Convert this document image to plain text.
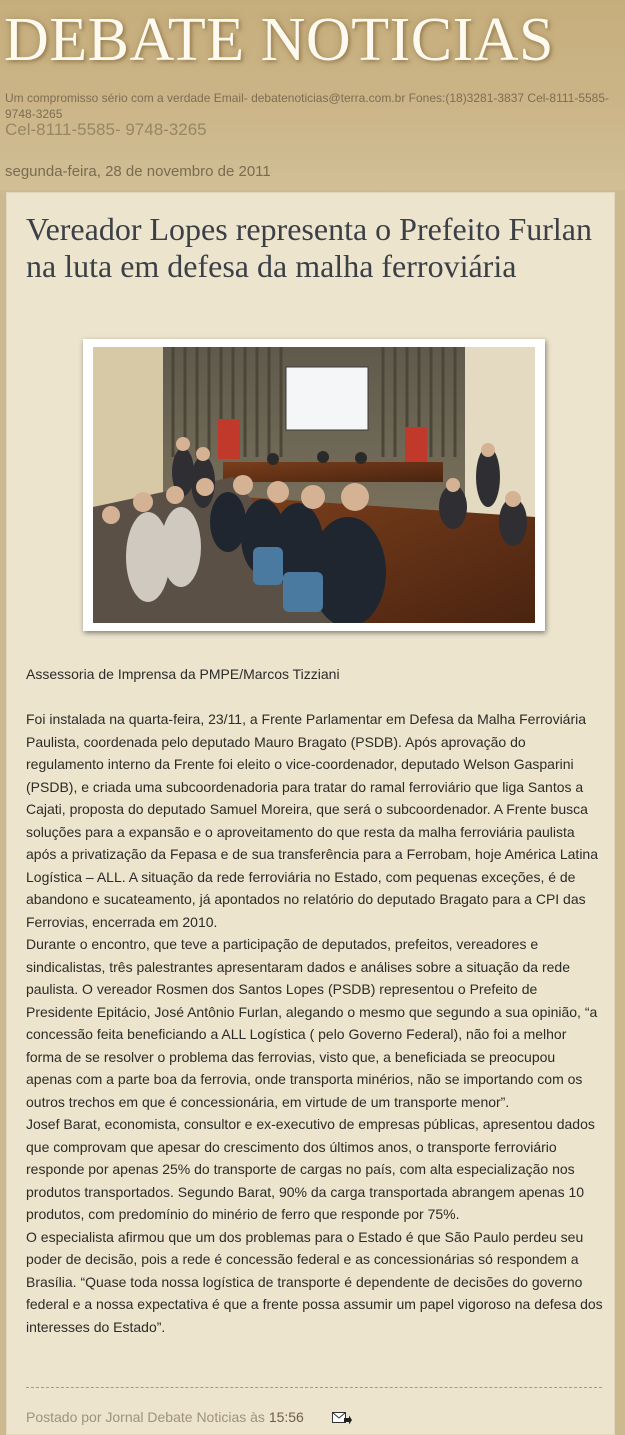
DEBATE NOTICIAS
Cel-8111-5585- 9748-3265
Um compromisso sério com a verdade Email- debatenoticias@terra.com.br Fones:(18)3281-3837 Cel-8111-5585- 9748-3265
segunda-feira, 28 de novembro de 2011
Vereador Lopes representa o Prefeito Furlan na luta em defesa da malha ferroviária

Assessoria de Imprensa da PMPE/Marcos Tizziani

Foi instalada na quarta-feira, 23/11, a Frente Parlamentar em Defesa da Malha Ferroviária Paulista, coordenada pelo deputado Mauro Bragato (PSDB). Após aprovação do regulamento interno da Frente foi eleito o vice-coordenador, deputado Welson Gasparini (PSDB), e criada uma subcoordenadoria para tratar do ramal ferroviário que liga Santos a Cajati, proposta do deputado Samuel Moreira, que será o subcoordenador. A Frente busca soluções para a expansão e o aproveitamento do que resta da malha ferroviária paulista após a privatização da Fepasa e de sua transferência para a Ferrobam, hoje América Latina Logística – ALL. A situação da rede ferroviária no Estado, com pequenas exceções, é de abandono e sucateamento, já apontados no relatório do deputado Bragato para a CPI das Ferrovias, encerrada em 2010.

Durante o encontro, que teve a participação de deputados, prefeitos, vereadores e sindicalistas, três palestrantes apresentaram dados e análises sobre a situação da rede paulista. O vereador Rosmen dos Santos Lopes (PSDB) representou o Prefeito de Presidente Epitácio, José Antônio Furlan, alegando o mesmo que segundo a sua opinião, “a concessão feita beneficiando a ALL Logística ( pelo Governo Federal), não foi a melhor forma de se resolver o problema das ferrovias, visto que, a beneficiada se preocupou apenas com a parte boa da ferrovia, onde transporta minérios, não se importando com os outros trechos em que é concessionária, em virtude de um transporte menor”.

Josef Barat, economista, consultor e ex-executivo de empresas públicas, apresentou dados que comprovam que apesar do crescimento dos últimos anos, o transporte ferroviário responde por apenas 25% do transporte de cargas no país, com alta especialização nos produtos transportados. Segundo Barat, 90% da carga transportada abrangem apenas 10 produtos, com predomínio do minério de ferro que responde por 75%.

O especialista afirmou que um dos problemas para o Estado é que São Paulo perdeu seu poder de decisão, pois a rede é concessão federal e as concessionárias só respondem a Brasília. “Quase toda nossa logística de transporte é dependente de decisões do governo federal e a nossa expectativa é que a frente possa assumir um papel vigoroso na defesa dos interesses do Estado”.

Postado por Jornal Debate Noticias às 15:56
